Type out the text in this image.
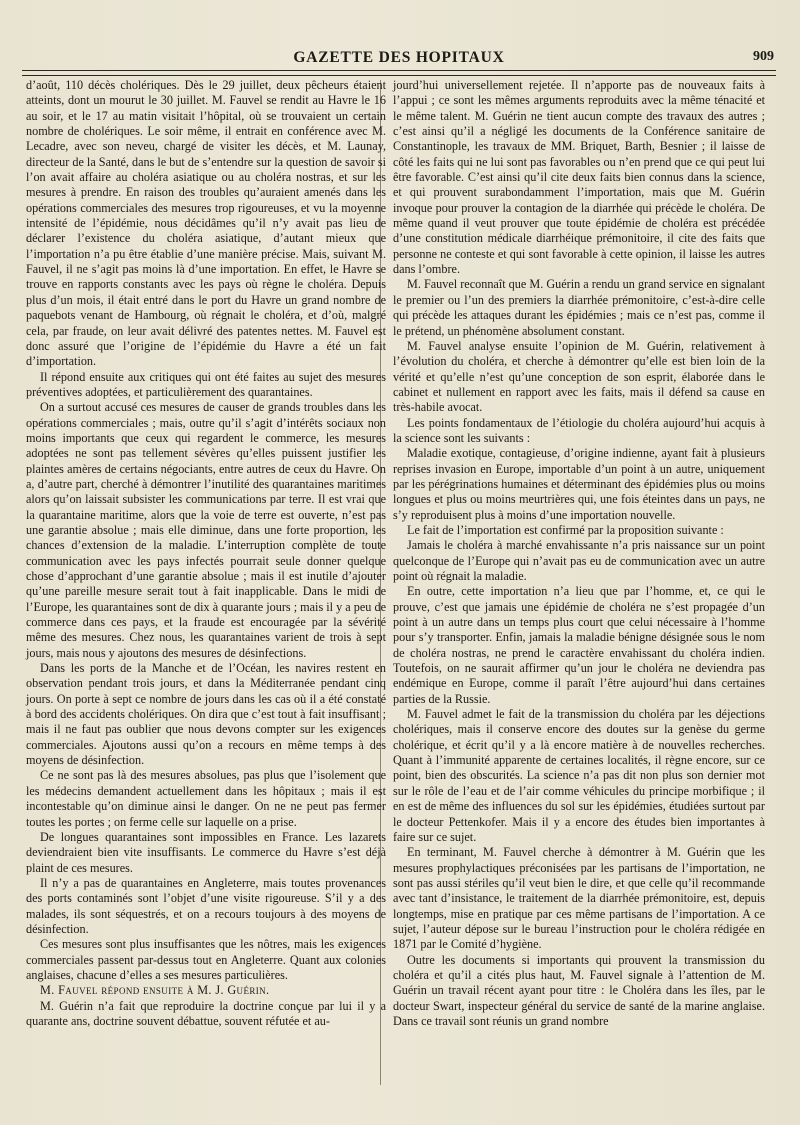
GAZETTE DES HOPITAUX	909

d’août, 110 décès cholériques. Dès le 29 juillet, deux pêcheurs étaient atteints, dont un mourut le 30 juillet. M. Fauvel se rendit au Havre le 16 au soir, et le 17 au matin visitait l’hôpital, où se trouvaient un certain nombre de cholériques. Le soir même, il entrait en conférence avec M. Lecadre, avec son neveu, chargé de visiter les décès, et M. Launay, directeur de la Santé, dans le but de s’entendre sur la question de savoir si l’on avait affaire au choléra asiatique ou au choléra nostras, et sur les mesures à prendre. En raison des troubles qu’auraient amenés dans les opérations commerciales des mesures trop rigoureuses, et vu la moyenne intensité de l’épidémie, nous décidâmes qu’il n’y avait pas lieu de déclarer l’existence du choléra asiatique, d’autant mieux que l’importation n’a pu être établie d’une manière précise. Mais, suivant M. Fauvel, il ne s’agit pas moins là d’une importation. En effet, le Havre se trouve en rapports constants avec les pays où règne le choléra. Depuis plus d’un mois, il était entré dans le port du Havre un grand nombre de paquebots venant de Hambourg, où régnait le choléra, et d’où, malgré cela, par fraude, on leur avait délivré des patentes nettes. M. Fauvel est donc assuré que l’origine de l’épidémie du Havre a été un fait d’importation.

Il répond ensuite aux critiques qui ont été faites au sujet des mesures préventives adoptées, et particulièrement des quarantaines.

On a surtout accusé ces mesures de causer de grands troubles dans les opérations commerciales ; mais, outre qu’il s’agit d’intérêts sociaux non moins importants que ceux qui regardent le commerce, les mesures adoptées ne sont pas tellement sévères qu’elles puissent justifier les plaintes amères de certains négociants, entre autres de ceux du Havre. On a, d’autre part, cherché à démontrer l’inutilité des quarantaines maritimes alors qu’on laissait subsister les communications par terre. Il est vrai que la quarantaine maritime, alors que la voie de terre est ouverte, n’est pas une garantie absolue ; mais elle diminue, dans une forte proportion, les chances d’extension de la maladie. L’interruption complète de toute communication avec les pays infectés pourrait seule donner quelque chose d’approchant d’une garantie absolue ; mais il est inutile d’ajouter qu’une pareille mesure serait tout à fait inapplicable. Dans le midi de l’Europe, les quarantaines sont de dix à quarante jours ; mais il y a peu de commerce dans ces pays, et la fraude est encouragée par la sévérité même des mesures. Chez nous, les quarantaines varient de trois à sept jours, mais nous y ajoutons des mesures de désinfections.

Dans les ports de la Manche et de l’Océan, les navires restent en observation pendant trois jours, et dans la Méditerranée pendant cinq jours. On porte à sept ce nombre de jours dans les cas où il a été constaté à bord des accidents cholériques. On dira que c’est tout à fait insuffisant ; mais il ne faut pas oublier que nous devons compter sur les exigences commerciales. Ajoutons aussi qu’on a recours en même temps à des moyens de désinfection.

Ce ne sont pas là des mesures absolues, pas plus que l’isolement que les médecins demandent actuellement dans les hôpitaux ; mais il est incontestable qu’on diminue ainsi le danger. On ne ne peut pas fermer toutes les portes ; on ferme celle sur laquelle on a prise.

De longues quarantaines sont impossibles en France. Les lazarets deviendraient bien vite insuffisants. Le commerce du Havre s’est déjà plaint de ces mesures.

Il n’y a pas de quarantaines en Angleterre, mais toutes provenances des ports contaminés sont l’objet d’une visite rigoureuse. S’il y a des malades, ils sont séquestrés, et on a recours toujours à des moyens de désinfection.

Ces mesures sont plus insuffisantes que les nôtres, mais les exigences commerciales passent par-dessus tout en Angleterre. Quant aux colonies anglaises, chacune d’elles a ses mesures particulières.

M. Fauvel répond ensuite à M. J. Guérin.

M. Guérin n’a fait que reproduire la doctrine conçue par lui il y a quarante ans, doctrine souvent débattue, souvent réfutée et au-

jourd’hui universellement rejetée. Il n’apporte pas de nouveaux faits à l’appui ; ce sont les mêmes arguments reproduits avec la même ténacité et le même talent. M. Guérin ne tient aucun compte des travaux des autres ; c’est ainsi qu’il a négligé les documents de la Conférence sanitaire de Constantinople, les travaux de MM. Briquet, Barth, Besnier ; il laisse de côté les faits qui ne lui sont pas favorables ou n’en prend que ce qui peut lui être favorable. C’est ainsi qu’il cite deux faits bien connus dans la science, et qui prouvent surabondamment l’importation, mais que M. Guérin invoque pour prouver la contagion de la diarrhée qui précède le choléra. De même quand il veut prouver que toute épidémie de choléra est précédée d’une constitution médicale diarrhéique prémonitoire, il cite des faits que personne ne conteste et qui sont favorable à cette opinion, il laisse les autres dans l’ombre.

M. Fauvel reconnaît que M. Guérin a rendu un grand service en signalant le premier ou l’un des premiers la diarrhée prémonitoire, c’est-à-dire celle qui précède les attaques durant les épidémies ; mais ce n’est pas, comme il le prétend, un phénomène absolument constant.

M. Fauvel analyse ensuite l’opinion de M. Guérin, relativement à l’évolution du choléra, et cherche à démontrer qu’elle est bien loin de la vérité et qu’elle n’est qu’une conception de son esprit, élaborée dans le cabinet et nullement en rapport avec les faits, mais il défend sa cause en très-habile avocat.

Les points fondamentaux de l’étiologie du choléra aujourd’hui acquis à la science sont les suivants :

Maladie exotique, contagieuse, d’origine indienne, ayant fait à plusieurs reprises invasion en Europe, importable d’un point à un autre, uniquement par les pérégrinations humaines et déterminant des épidémies plus ou moins longues et plus ou moins meurtrières qui, une fois éteintes dans un pays, ne s’y reproduisent plus à moins d’une importation nouvelle.

Le fait de l’importation est confirmé par la proposition suivante :

Jamais le choléra à marché envahissante n’a pris naissance sur un point quelconque de l’Europe qui n’avait pas eu de communication avec un autre point où régnait la maladie.

En outre, cette importation n’a lieu que par l’homme, et, ce qui le prouve, c’est que jamais une épidémie de choléra ne s’est propagée d’un point à un autre dans un temps plus court que celui nécessaire à l’homme pour s’y transporter. Enfin, jamais la maladie bénigne désignée sous le nom de choléra nostras, ne prend le caractère envahissant du choléra indien. Toutefois, on ne saurait affirmer qu’un jour le choléra ne deviendra pas endémique en Europe, comme il paraît l’être aujourd’hui dans certaines parties de la Russie.

M. Fauvel admet le fait de la transmission du choléra par les déjections cholériques, mais il conserve encore des doutes sur la genèse du germe cholérique, et écrit qu’il y a là encore matière à de nouvelles recherches. Quant à l’immunité apparente de certaines localités, il règne encore, sur ce point, bien des obscurités. La science n’a pas dit non plus son dernier mot sur le rôle de l’eau et de l’air comme véhicules du principe morbifique ; il en est de même des influences du sol sur les épidémies, étudiées surtout par le docteur Pettenkofer. Mais il y a encore des études bien importantes à faire sur ce sujet.

En terminant, M. Fauvel cherche à démontrer à M. Guérin que les mesures prophylactiques préconisées par les partisans de l’importation, ne sont pas aussi stériles qu’il veut bien le dire, et que celle qu’il recommande avec tant d’insistance, le traitement de la diarrhée prémonitoire, est, depuis longtemps, mise en pratique par ces même partisans de l’importation. A ce sujet, l’auteur dépose sur le bureau l’instruction pour le choléra rédigée en 1871 par le Comité d’hygiène.

Outre les documents si importants qui prouvent la transmission du choléra et qu’il a cités plus haut, M. Fauvel signale à l’attention de M. Guérin un travail récent ayant pour titre : le Choléra dans les îles, par le docteur Swart, inspecteur général du service de santé de la marine anglaise. Dans ce travail sont réunis un grand nombre
